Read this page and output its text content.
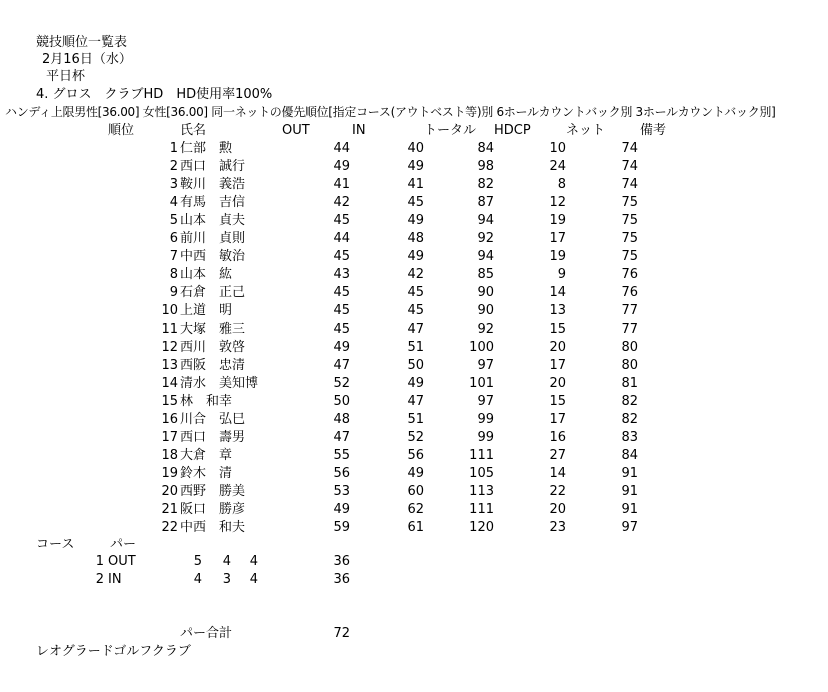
競技順位一覧表
2月16日（水）
平日杯
4. グロス　クラブHD　HD使用率100%
ハンディ上限男性[36.00] 女性[36.00] 同一ネットの優先順位[指定コース(アウトベスト等)別 6ホールカウントバック別 3ホールカウントバック別]
順位	氏名	OUT	IN	トータル HDCP	ネット	備考
1 仁部　勲	44	40	84	10	74
2 西口　誠行	49	49	98	24	74
3 鞍川　義浩	41	41	82	8	74
4 有馬　吉信	42	45	87	12	75
5 山本　貞夫	45	49	94	19	75
6 前川　貞則	44	48	92	17	75
7 中西　敏治	45	49	94	19	75
8 山本　紘	43	42	85	9	76
9 石倉　正己	45	45	90	14	76
10 上道　明	45	45	90	13	77
11 大塚　雅三	45	47	92	15	77
12 西川　敦啓	49	51	100	20	80
13 西阪　忠清	47	50	97	17	80
14 清水　美知博	52	49	101	20	81
15 林　和幸	50	47	97	15	82
16 川合　弘巳	48	51	99	17	82
17 西口　壽男	47	52	99	16	83
18 大倉　章	55	56	111	27	84
19 鈴木　清	56	49	105	14	91
20 西野　勝美	53	60	113	22	91
21 阪口　勝彦	49	62	111	20	91
22 中西　和夫	59	61	120	23	97
コース	パー
1 OUT	5 4 4	36
2 IN	4 3 4	36
パー合計	72
レオグラードゴルフクラブ
